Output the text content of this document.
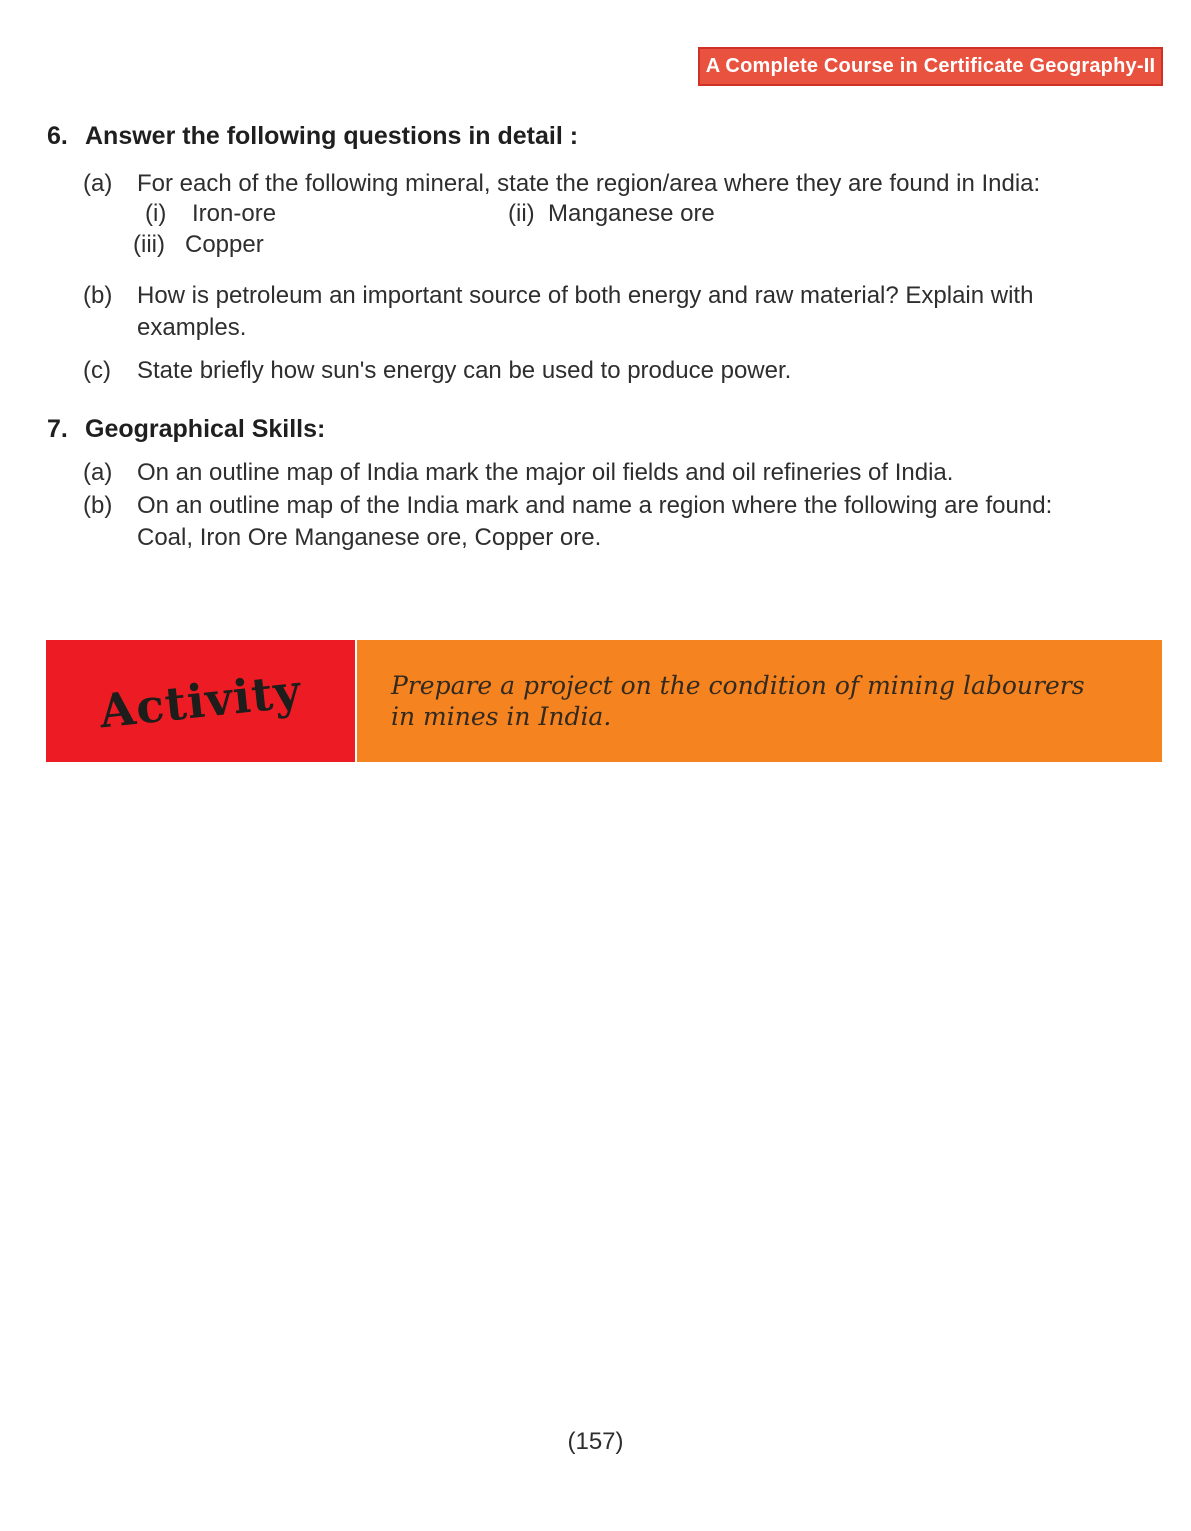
A Complete Course in Certificate Geography-II
6. Answer the following questions in detail :
(a) For each of the following mineral, state the region/area where they are found in India:
(i) Iron-ore	(ii) Manganese ore
(iii) Copper
(b) How is petroleum an important source of both energy and raw material? Explain with
examples.
(c) State briefly how sun's energy can be used to produce power.
7. Geographical Skills:
(a) On an outline map of India mark the major oil fields and oil refineries of India.
(b) On an outline map of the India mark and name a region where the following are found:
Coal, Iron Ore Manganese ore, Copper ore.
Activity	Prepare a project on the condition of mining labourers
in mines in India.
(157)
